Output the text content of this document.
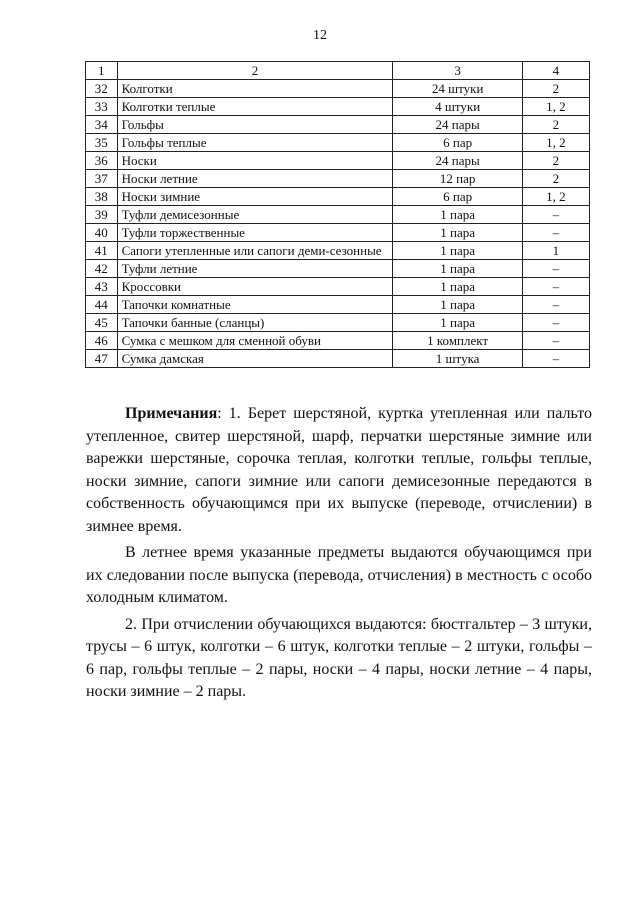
12
1	2	3	4
32	Колготки	24 штуки	2
33	Колготки теплые	4 штуки	1, 2
34	Гольфы	24 пары	2
35	Гольфы теплые	6 пар	1, 2
36	Носки	24 пары	2
37	Носки летние	12 пар	2
38	Носки зимние	6 пар	1, 2
39	Туфли демисезонные	1 пара	–
40	Туфли торжественные	1 пара	–
41	Сапоги утепленные или сапоги деми-сезонные	1 пара	1
42	Туфли летние	1 пара	–
43	Кроссовки	1 пара	–
44	Тапочки комнатные	1 пара	–
45	Тапочки банные (сланцы)	1 пара	–
46	Сумка с мешком для сменной обуви	1 комплект	–
47	Сумка дамская	1 штука	–

Примечания: 1. Берет шерстяной, куртка утепленная или пальто утепленное, свитер шерстяной, шарф, перчатки шерстяные зимние или варежки шерстяные, сорочка теплая, колготки теплые, гольфы теплые, носки зимние, сапоги зимние или сапоги демисезонные передаются в собственность обучающимся при их выпуске (переводе, отчислении) в зимнее время.

В летнее время указанные предметы выдаются обучающимся при их следовании после выпуска (перевода, отчисления) в местность с особо холодным климатом.

2. При отчислении обучающихся выдаются: бюстгальтер – 3 штуки, трусы – 6 штук, колготки – 6 штук, колготки теплые – 2 штуки, гольфы – 6 пар, гольфы теплые – 2 пары, носки – 4 пары, носки летние – 4 пары, носки зимние – 2 пары.
